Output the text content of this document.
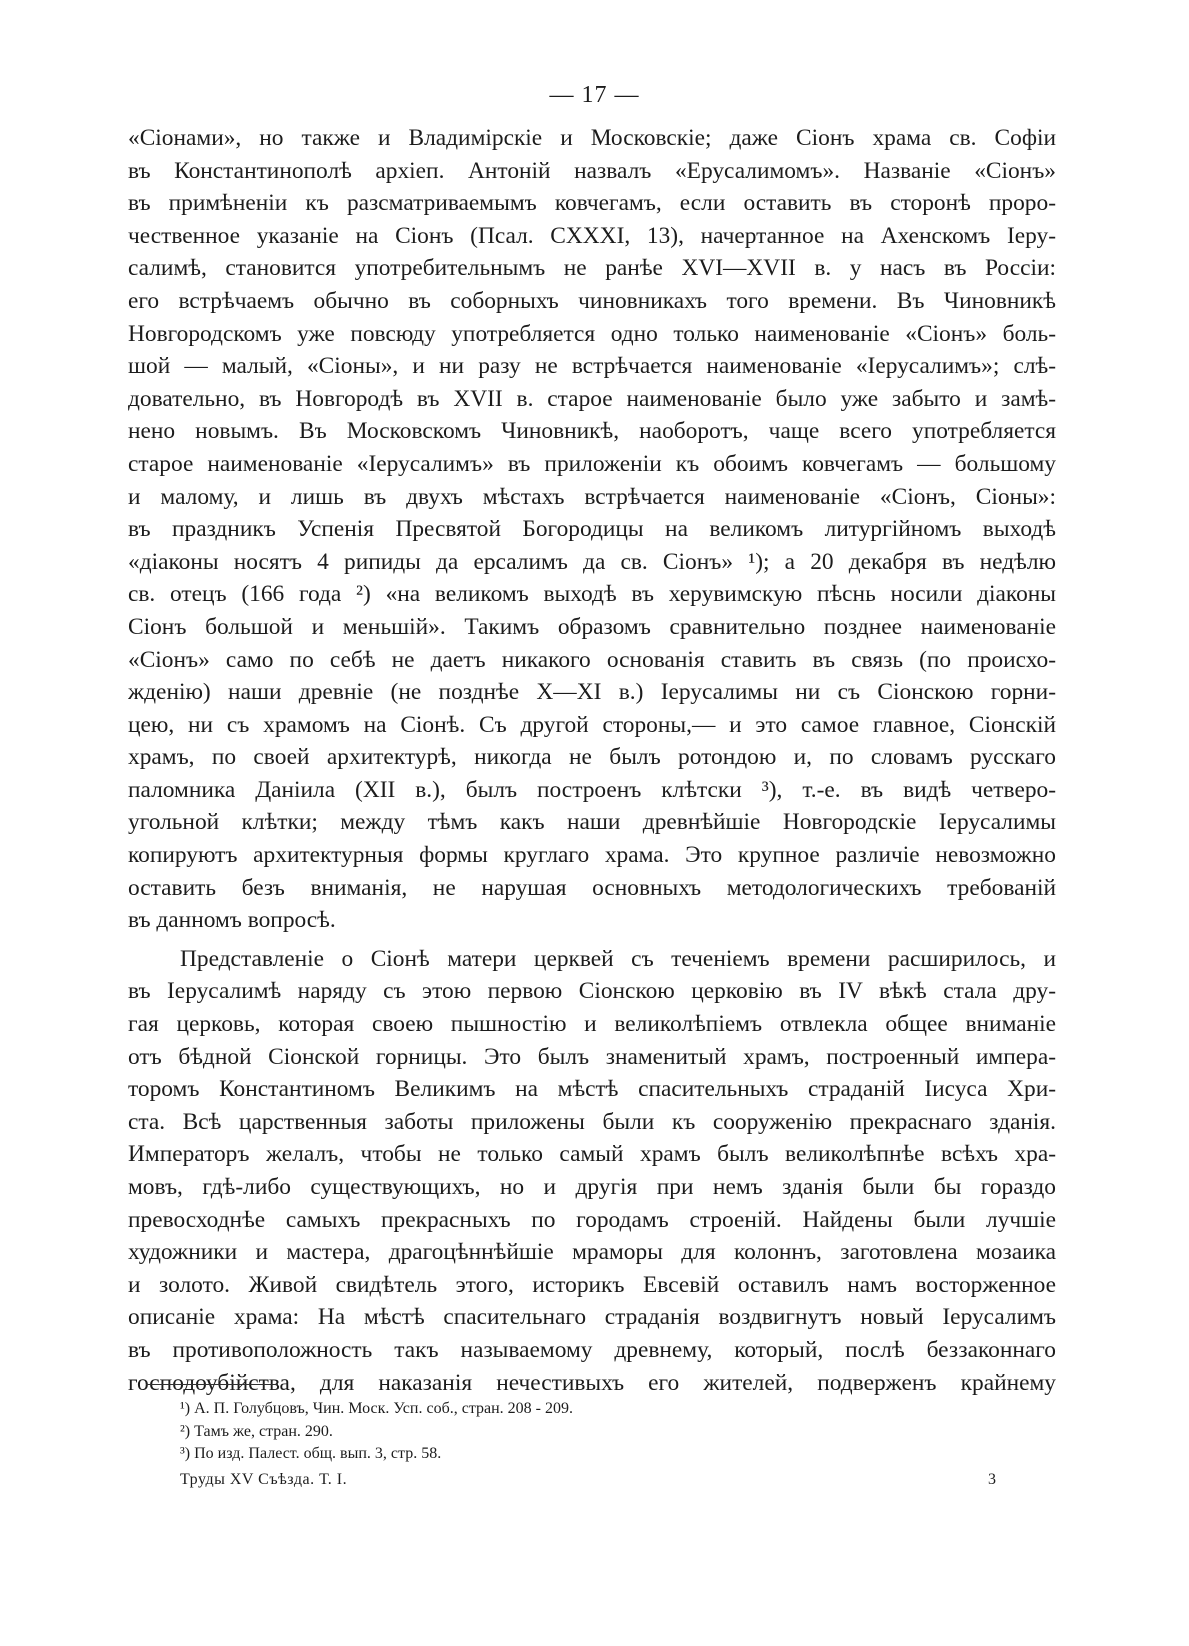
— 17 —
«Сіонами», но также и Владимірскіе и Московскіе; даже Сіонъ храма св. Софіи
въ Константинополѣ архіеп. Антоній назвалъ «Ерусалимомъ». Названіе «Сіонъ»
въ примѣненіи къ разсматриваемымъ ковчегамъ, если оставить въ сторонѣ проро-
чественное указаніе на Сіонъ (Псал. CXXXI, 13), начертанное на Ахенскомъ Іеру-
салимѣ, становится употребительнымъ не ранѣе XVI—XVII в. у насъ въ Россіи:
его встрѣчаемъ обычно въ соборныхъ чиновникахъ того времени. Въ Чиновникѣ
Новгородскомъ уже повсюду употребляется одно только наименованіе «Сіонъ» боль-
шой — малый, «Сіоны», и ни разу не встрѣчается наименованіе «Іерусалимъ»; слѣ-
довательно, въ Новгородѣ въ XVII в. старое наименованіе было уже забыто и замѣ-
нено новымъ. Въ Московскомъ Чиновникѣ, наоборотъ, чаще всего употребляется
старое наименованіе «Іерусалимъ» въ приложеніи къ обоимъ ковчегамъ — большому
и малому, и лишь въ двухъ мѣстахъ встрѣчается наименованіе «Сіонъ, Сіоны»:
въ праздникъ Успенія Пресвятой Богородицы на великомъ литургійномъ выходѣ
«діаконы носятъ 4 рипиды да ерсалимъ да св. Сіонъ» ¹); а 20 декабря въ недѣлю
св. отецъ (166 года ²) «на великомъ выходѣ въ херувимскую пѣснь носили діаконы
Сіонъ большой и меньшій». Такимъ образомъ сравнительно позднее наименованіе
«Сіонъ» само по себѣ не даетъ никакого основанія ставить въ связь (по происхо-
жденію) наши древніе (не позднѣе X—XI в.) Іерусалимы ни съ Сіонскою горни-
цею, ни съ храмомъ на Сіонѣ. Съ другой стороны,— и это самое главное, Сіонскій
храмъ, по своей архитектурѣ, никогда не былъ ротондою и, по словамъ русскаго
паломника Даніила (XII в.), былъ построенъ клѣтски ³), т.-е. въ видѣ четверо-
угольной клѣтки; между тѣмъ какъ наши древнѣйшіе Новгородскіе Іерусалимы
копируютъ архитектурныя формы круглаго храма. Это крупное различіе невозможно
оставить безъ вниманія, не нарушая основныхъ методологическихъ требованій
въ данномъ вопросѣ.
Представленіе о Сіонѣ матери церквей съ теченіемъ времени расширилось, и
въ Іерусалимѣ наряду съ этою первою Сіонскою церковію въ IV вѣкѣ стала дру-
гая церковь, которая своею пышностію и великолѣпіемъ отвлекла общее вниманіе
отъ бѣдной Сіонской горницы. Это былъ знаменитый храмъ, построенный импера-
торомъ Константиномъ Великимъ на мѣстѣ спасительныхъ страданій Іисуса Хри-
ста. Всѣ царственныя заботы приложены были къ сооруженію прекраснаго зданія.
Императоръ желалъ, чтобы не только самый храмъ былъ великолѣпнѣе всѣхъ хра-
мовъ, гдѣ-либо существующихъ, но и другія при немъ зданія были бы гораздо
превосходнѣе самыхъ прекрасныхъ по городамъ строеній. Найдены были лучшіе
художники и мастера, драгоцѣннѣйшіе мраморы для колоннъ, заготовлена мозаика
и золото. Живой свидѣтель этого, историкъ Евсевій оставилъ намъ восторженное
описаніе храма: На мѣстѣ спасительнаго страданія воздвигнутъ новый Іерусалимъ
въ противоположность такъ называемому древнему, который, послѣ беззаконнаго
господоубійства, для наказанія нечестивыхъ его жителей, подверженъ крайнему
¹) А. П. Голубцовъ, Чин. Моск. Усп. соб., стран. 208 - 209.
²) Тамъ же, стран. 290.
³) По изд. Палест. общ. вып. 3, стр. 58.
Труды XV Съѣзда. Т. I.	3
